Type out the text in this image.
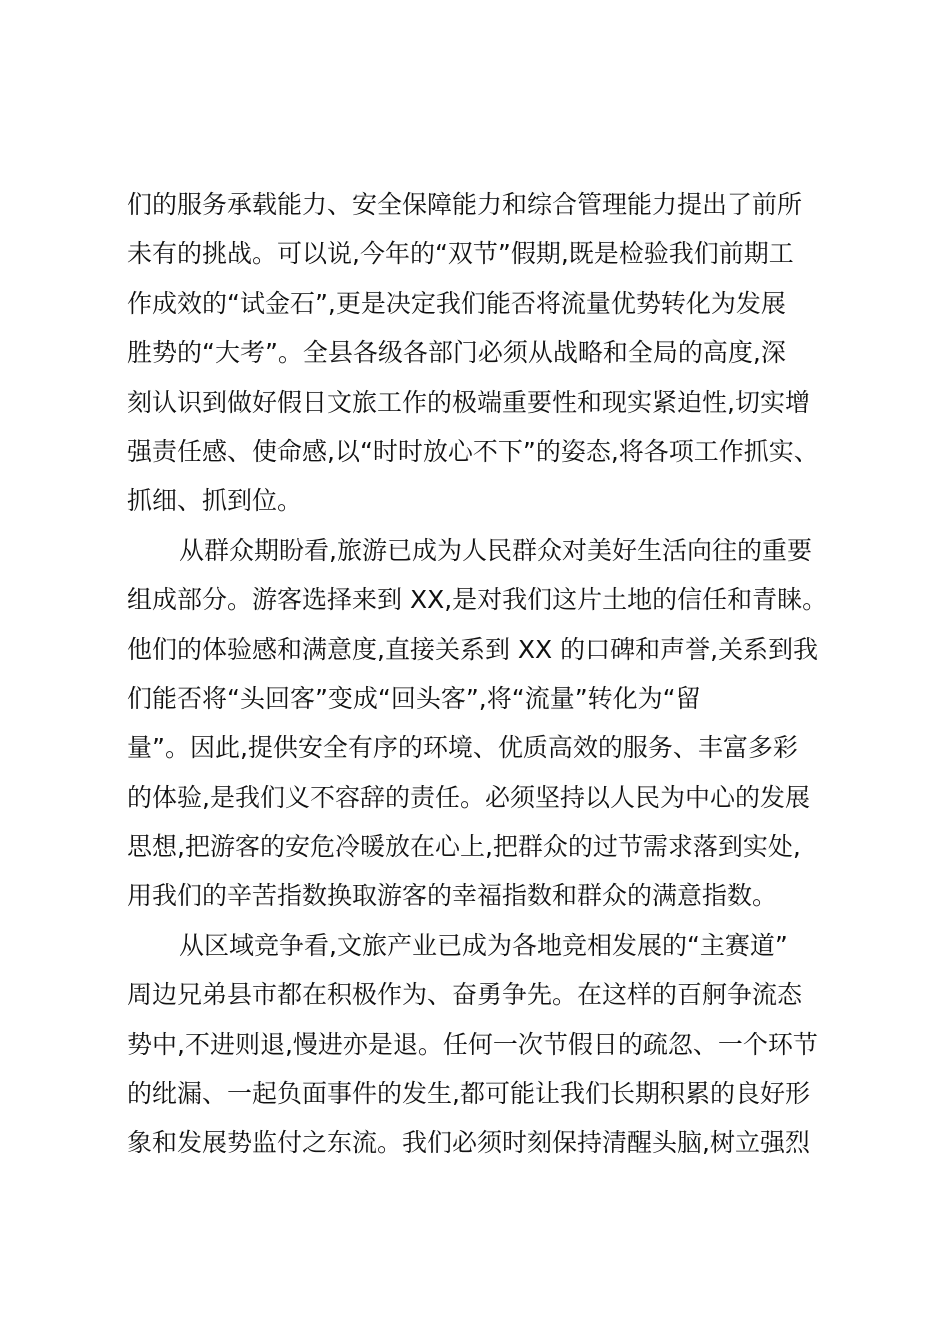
们的服务承载能力、安全保障能力和综合管理能力提出了前所
未有的挑战。可以说,今年的“双节”假期,既是检验我们前期工
作成效的“试金石”,更是决定我们能否将流量优势转化为发展
胜势的“大考”。全县各级各部门必须从战略和全局的高度,深
刻认识到做好假日文旅工作的极端重要性和现实紧迫性,切实增
强责任感、使命感,以“时时放心不下”的姿态,将各项工作抓实、
抓细、抓到位。
从群众期盼看,旅游已成为人民群众对美好生活向往的重要
组成部分。游客选择来到 XX,是对我们这片土地的信任和青睐。
他们的体验感和满意度,直接关系到 XX 的口碑和声誉,关系到我
们能否将“头回客”变成“回头客”,将“流量”转化为“留
量”。因此,提供安全有序的环境、优质高效的服务、丰富多彩
的体验,是我们义不容辞的责任。必须坚持以人民为中心的发展
思想,把游客的安危冷暖放在心上,把群众的过节需求落到实处,
用我们的辛苦指数换取游客的幸福指数和群众的满意指数。
从区域竞争看,文旅产业已成为各地竞相发展的“主赛道”
周边兄弟县市都在积极作为、奋勇争先。在这样的百舸争流态
势中,不进则退,慢进亦是退。任何一次节假日的疏忽、一个环节
的纰漏、一起负面事件的发生,都可能让我们长期积累的良好形
象和发展势监付之东流。我们必须时刻保持清醒头脑,树立强烈
